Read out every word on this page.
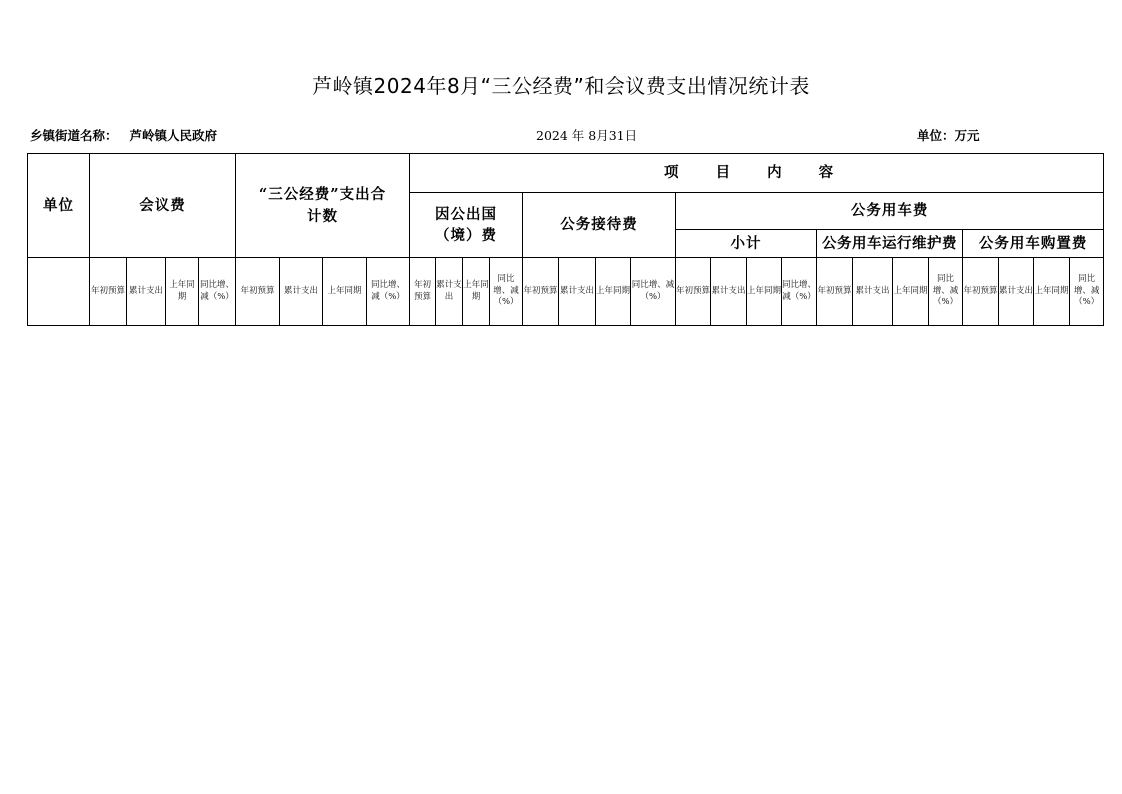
芦岭镇2024年8月“三公经费”和会议费支出情况统计表
乡镇街道名称： 芦岭镇人民政府	2024 年 8月31日	单位：万元
单位	会议费				“三公经费”支出合计数				项 目 内 容																			
									因公出国（境）费				公务接待费				公务用车费											
																	小计				公务用车运行维护费				公务用车购置费			
	年初预算	累计支出	上年同期	同比增、减（%）	年初预算	累计支出	上年同期	同比增、减（%）	年初预算	累计支出	上年同期	同比增、减（%）	年初预算	累计支出	上年同期	同比增、减（%）	年初预算	累计支出	上年同期	同比增、减（%）	年初预算	累计支出	上年同期	同比增、减（%）	年初预算	累计支出	上年同期	同比增、减（%）
